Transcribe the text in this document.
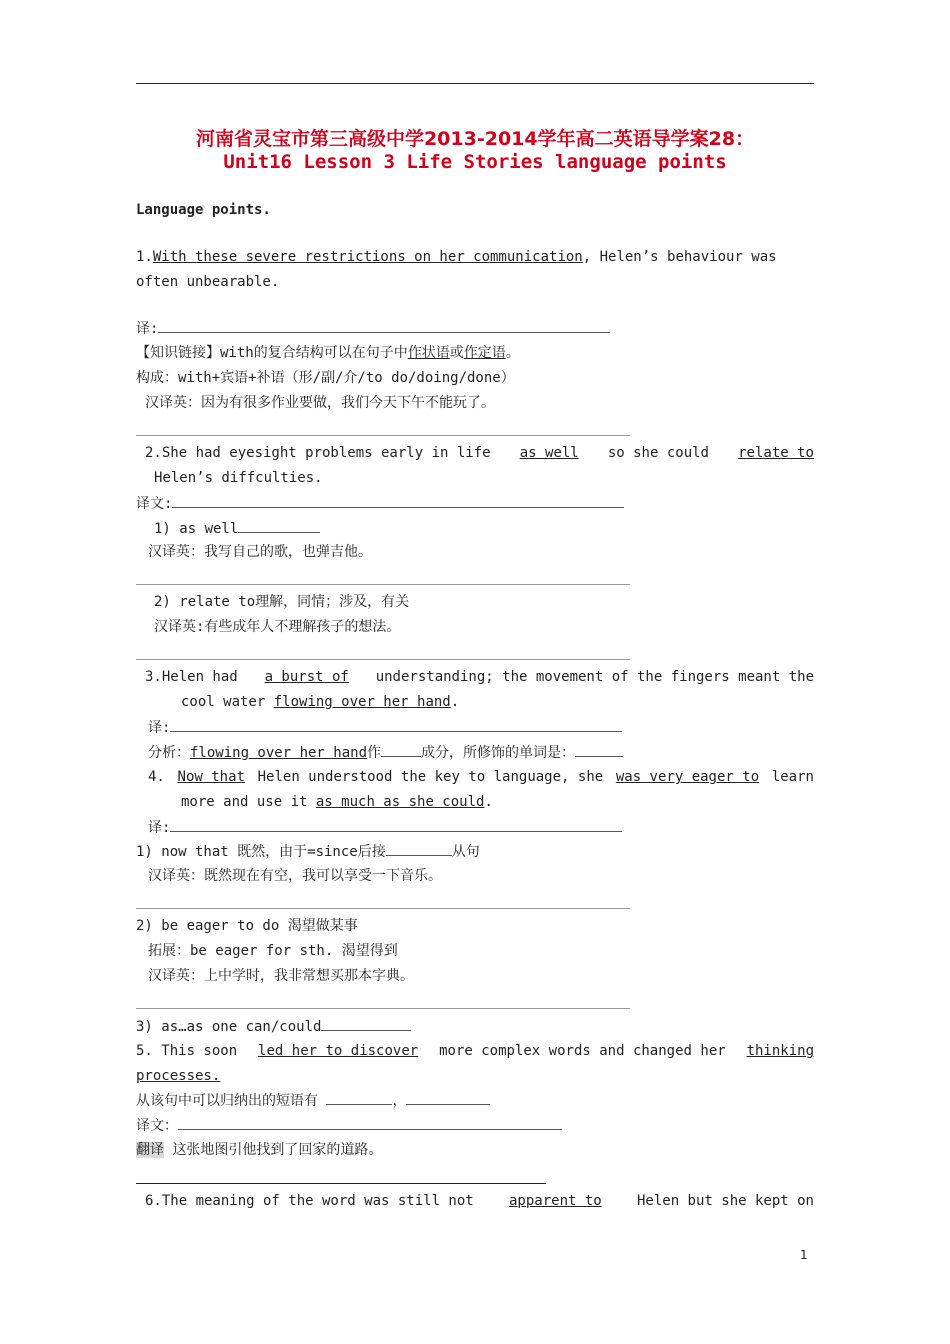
河南省灵宝市第三高级中学2013-2014学年高二英语导学案28：
Unit16 Lesson 3 Life Stories language points
Language points.
1.With these severe restrictions on her communication, Helen’s behaviour was
often unbearable.
译:
【知识链接】with的复合结构可以在句子中作状语或作定语。
构成：with+宾语+补语（形/副/介/to do/doing/done）
汉译英：因为有很多作业要做，我们今天下午不能玩了。
2.She had eyesight problems early in life as well so she could relate to
Helen’s diffculties.
译文:
1) as well
汉译英：我写自己的歌，也弹吉他。
2) relate to理解，同情；涉及，有关
汉译英:有些成年人不理解孩子的想法。
3.Helen had a burst of understanding; the movement of the fingers meant the
cool water flowing over her hand.
译:
分析：flowing over her hand作	成分，所修饰的单词是：
4. Now that Helen understood the key to language, she was very eager to learn
more and use it as much as she could.
译:
1) now that 既然，由于=since后接	从句
汉译英：既然现在有空，我可以享受一下音乐。
2) be eager to do 渴望做某事
拓展：be eager for sth. 渴望得到
汉译英：上中学时，我非常想买那本字典。
3) as…as one can/could
5. This soon led her to discover more complex words and changed her thinking
processes.
从该句中可以归纳出的短语有	，
译文：
翻译 这张地图引他找到了回家的道路。
6.The meaning of the word was still not	apparent to	Helen but she kept on
1
